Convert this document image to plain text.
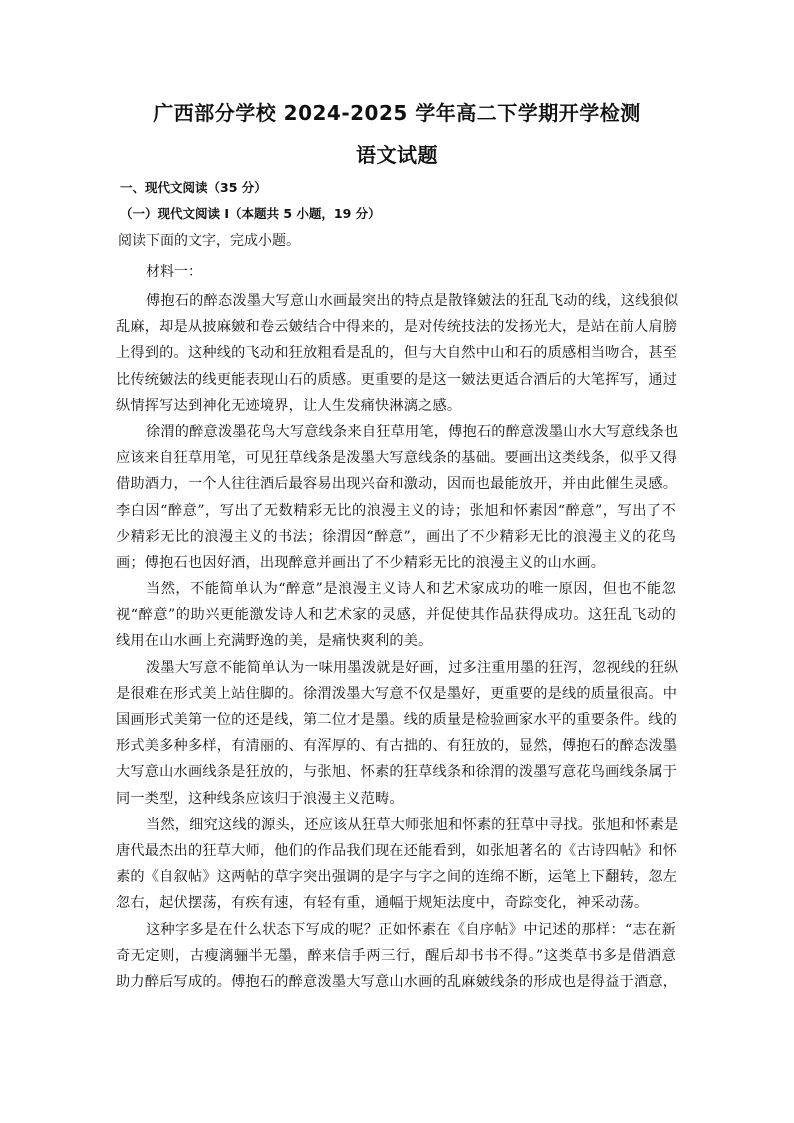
广西部分学校 2024-2025 学年高二下学期开学检测
语文试题
一、现代文阅读（35 分）
（一）现代文阅读 I（本题共 5 小题，19 分）
阅读下面的文字，完成小题。
材料一：
傅抱石的醉态泼墨大写意山水画最突出的特点是散锋皴法的狂乱飞动的线，这线狼似
乱麻，却是从披麻皴和卷云皴结合中得来的，是对传统技法的发扬光大，是站在前人肩膀
上得到的。这种线的飞动和狂放粗看是乱的，但与大自然中山和石的质感相当吻合，甚至
比传统皴法的线更能表现山石的质感。更重要的是这一皴法更适合酒后的大笔挥写，通过
纵情挥写达到神化无迹境界，让人生发痛快淋漓之感。
徐渭的醉意泼墨花鸟大写意线条来自狂草用笔，傅抱石的醉意泼墨山水大写意线条也
应该来自狂草用笔，可见狂草线条是泼墨大写意线条的基础。要画出这类线条，似乎又得
借助酒力，一个人往往酒后最容易出现兴奋和激动，因而也最能放开，并由此催生灵感。
李白因“醉意”，写出了无数精彩无比的浪漫主义的诗；张旭和怀素因“醉意”，写出了不
少精彩无比的浪漫主义的书法；徐渭因“醉意”，画出了不少精彩无比的浪漫主义的花鸟
画；傅抱石也因好酒，出现醉意并画出了不少精彩无比的浪漫主义的山水画。
当然，不能简单认为“醉意”是浪漫主义诗人和艺术家成功的唯一原因，但也不能忽
视“醉意”的助兴更能激发诗人和艺术家的灵感，并促使其作品获得成功。这狂乱飞动的
线用在山水画上充满野逸的美，是痛快爽利的美。
泼墨大写意不能简单认为一味用墨泼就是好画，过多注重用墨的狂泻，忽视线的狂纵
是很难在形式美上站住脚的。徐渭泼墨大写意不仅是墨好，更重要的是线的质量很高。中
国画形式美第一位的还是线，第二位才是墨。线的质量是检验画家水平的重要条件。线的
形式美多种多样，有清丽的、有浑厚的、有古拙的、有狂放的，显然，傅抱石的醉态泼墨
大写意山水画线条是狂放的，与张旭、怀素的狂草线条和徐渭的泼墨写意花鸟画线条属于
同一类型，这种线条应该归于浪漫主义范畴。
当然，细究这线的源头，还应该从狂草大师张旭和怀素的狂草中寻找。张旭和怀素是
唐代最杰出的狂草大师，他们的作品我们现在还能看到，如张旭著名的《古诗四帖》和怀
素的《自叙帖》这两帖的草字突出强调的是字与字之间的连绵不断，运笔上下翻转，忽左
忽右，起伏摆荡，有疾有速，有轻有重，通幅于规矩法度中，奇踪变化，神采动荡。
这种字多是在什么状态下写成的呢？正如怀素在《自序帖》中记述的那样：“志在新
奇无定则，古瘦漓骊半无墨，醉来信手两三行，醒后却书书不得。”这类草书多是借酒意
助力醉后写成的。傅抱石的醉意泼墨大写意山水画的乱麻皴线条的形成也是得益于酒意，
